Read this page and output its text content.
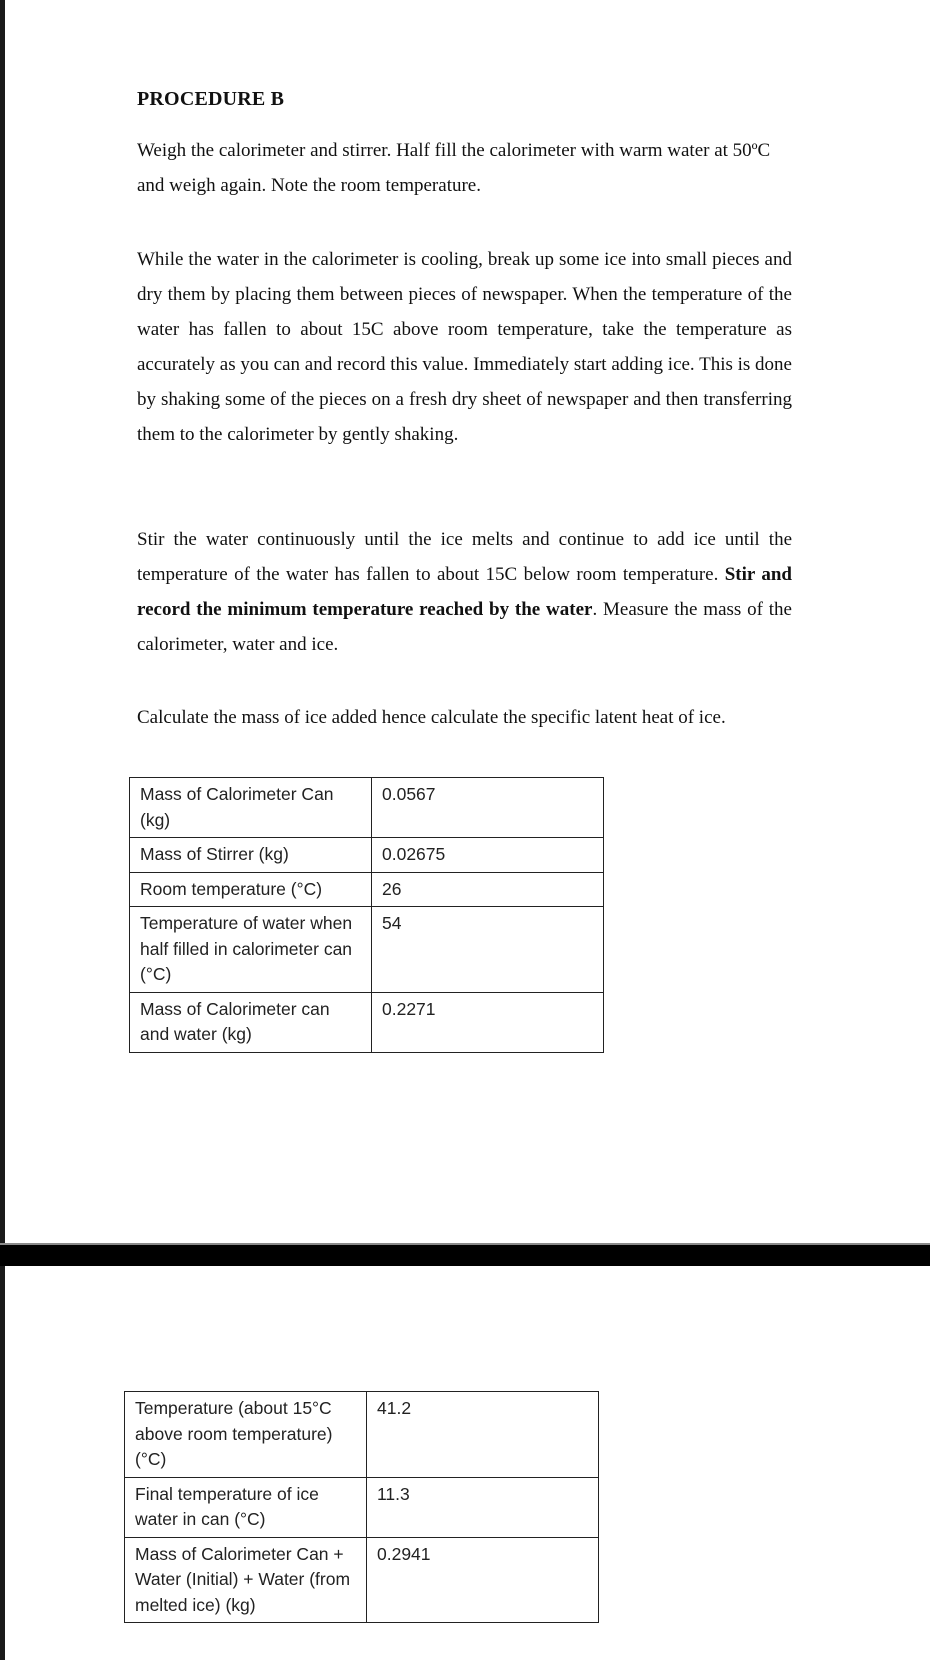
PROCEDURE B

Weigh the calorimeter and stirrer. Half fill the calorimeter with warm water at 50ºC and weigh again. Note the room temperature.

While the water in the calorimeter is cooling, break up some ice into small pieces and dry them by placing them between pieces of newspaper. When the temperature of the water has fallen to about 15C above room temperature, take the temperature as accurately as you can and record this value. Immediately start adding ice. This is done by shaking some of the pieces on a fresh dry sheet of newspaper and then transferring them to the calorimeter by gently shaking.

Stir the water continuously until the ice melts and continue to add ice until the temperature of the water has fallen to about 15C below room temperature. Stir and record the minimum temperature reached by the water. Measure the mass of the calorimeter, water and ice.

Calculate the mass of ice added hence calculate the specific latent heat of ice.

Mass of Calorimeter Can (kg)	0.0567
Mass of Stirrer (kg)	0.02675
Room temperature (°C)	26
Temperature of water when half filled in calorimeter can (°C)	54
Mass of Calorimeter can and water (kg)	0.2271
Temperature (about 15°C above room temperature) (°C)	41.2
Final temperature of ice water in can (°C)	11.3
Mass of Calorimeter Can + Water (Initial) + Water (from melted ice) (kg)	0.2941
